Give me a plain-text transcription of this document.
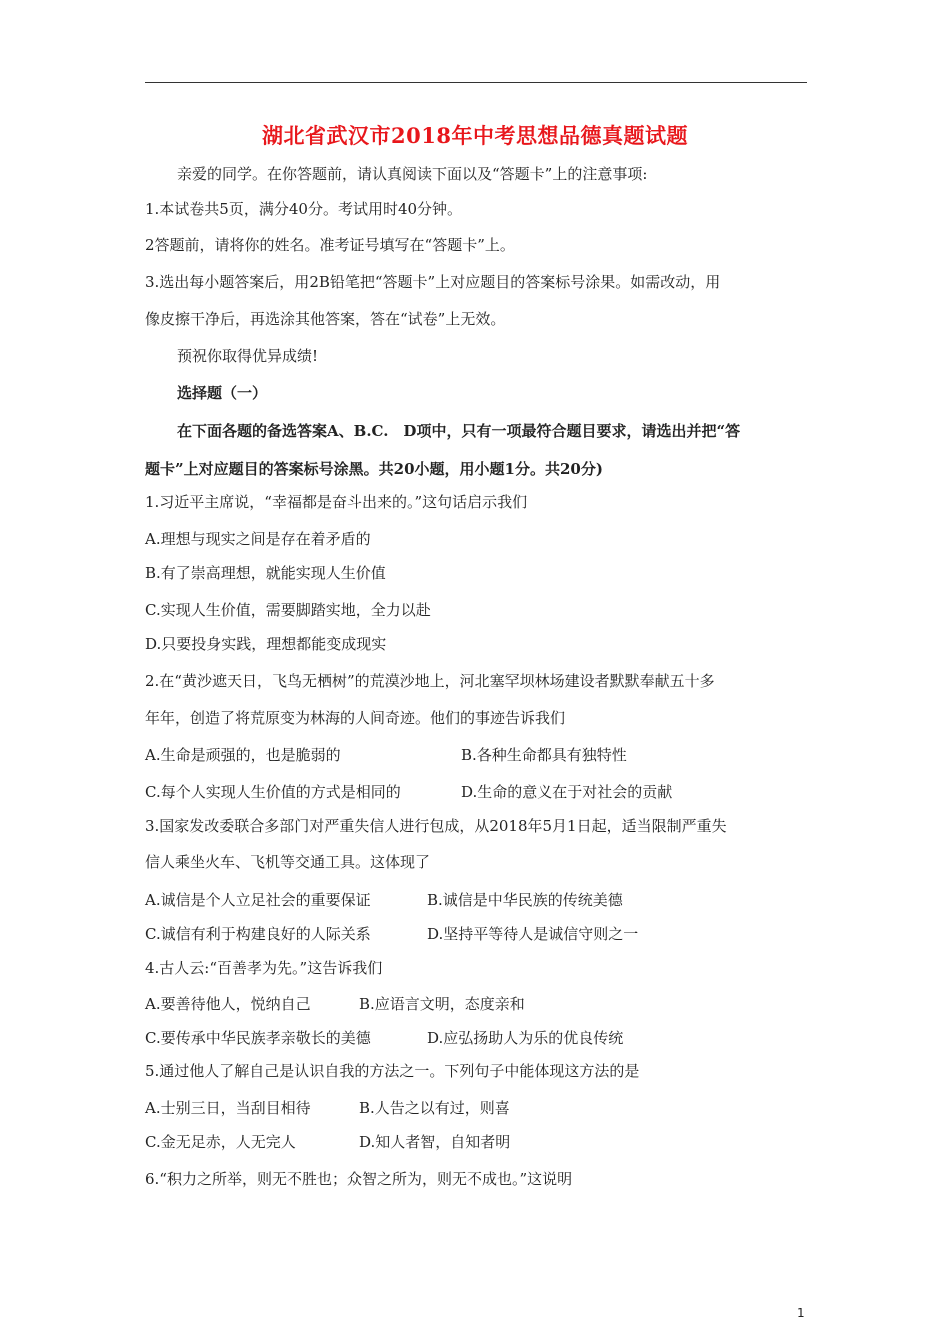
湖北省武汉市2018年中考思想品德真题试题
亲爱的同学。在你答题前，请认真阅读下面以及“答题卡”上的注意事项:
1.本试卷共5页，满分40分。考试用时40分钟。
2答题前，请将你的姓名。准考证号填写在“答题卡”上。
3.选出每小题答案后，用2B铅笔把“答题卡”上对应题目的答案标号涂果。如需改动，用
像皮擦干净后，再选涂其他答案，答在“试卷”上无效。
预祝你取得优异成绩!
选择题（一）
在下面各题的备选答案A、B.C.　D项中，只有一项最符合题目要求，请选出并把“答
题卡”上对应题目的答案标号涂黑。共20小题，用小题1分。共20分)
1.习近平主席说，“幸福都是奋斗出来的。”这句话启示我们
A.理想与现实之间是存在着矛盾的
B.有了崇高理想，就能实现人生价值
C.实现人生价值，需要脚踏实地，全力以赴
D.只要投身实践，理想都能变成现实
2.在“黄沙遮天日，飞鸟无栖树”的荒漠沙地上，河北塞罕坝林场建设者默默奉献五十多
年年，创造了将荒原变为林海的人间奇迹。他们的事迹告诉我们
A.生命是顽强的，也是脆弱的	B.各种生命都具有独特性
C.每个人实现人生价值的方式是相同的	D.生命的意义在于对社会的贡献
3.国家发改委联合多部门对严重失信人进行包成，从2018年5月1日起，适当限制严重失
信人乘坐火车、飞机等交通工具。这体现了
A.诚信是个人立足社会的重要保证	B.诚信是中华民族的传统美德
C.诚信有利于构建良好的人际关系	D.坚持平等待人是诚信守则之一
4.古人云:“百善孝为先。”这告诉我们
A.要善待他人，悦纳自己	B.应语言文明，态度亲和
C.要传承中华民族孝亲敬长的美德	D.应弘扬助人为乐的优良传统
5.通过他人了解自己是认识自我的方法之一。下列句子中能体现这方法的是
A.士别三日，当刮目相待	B.人告之以有过，则喜
C.金无足赤，人无完人	D.知人者智，自知者明
6.“积力之所举，则无不胜也；众智之所为，则无不成也。”这说明
1
